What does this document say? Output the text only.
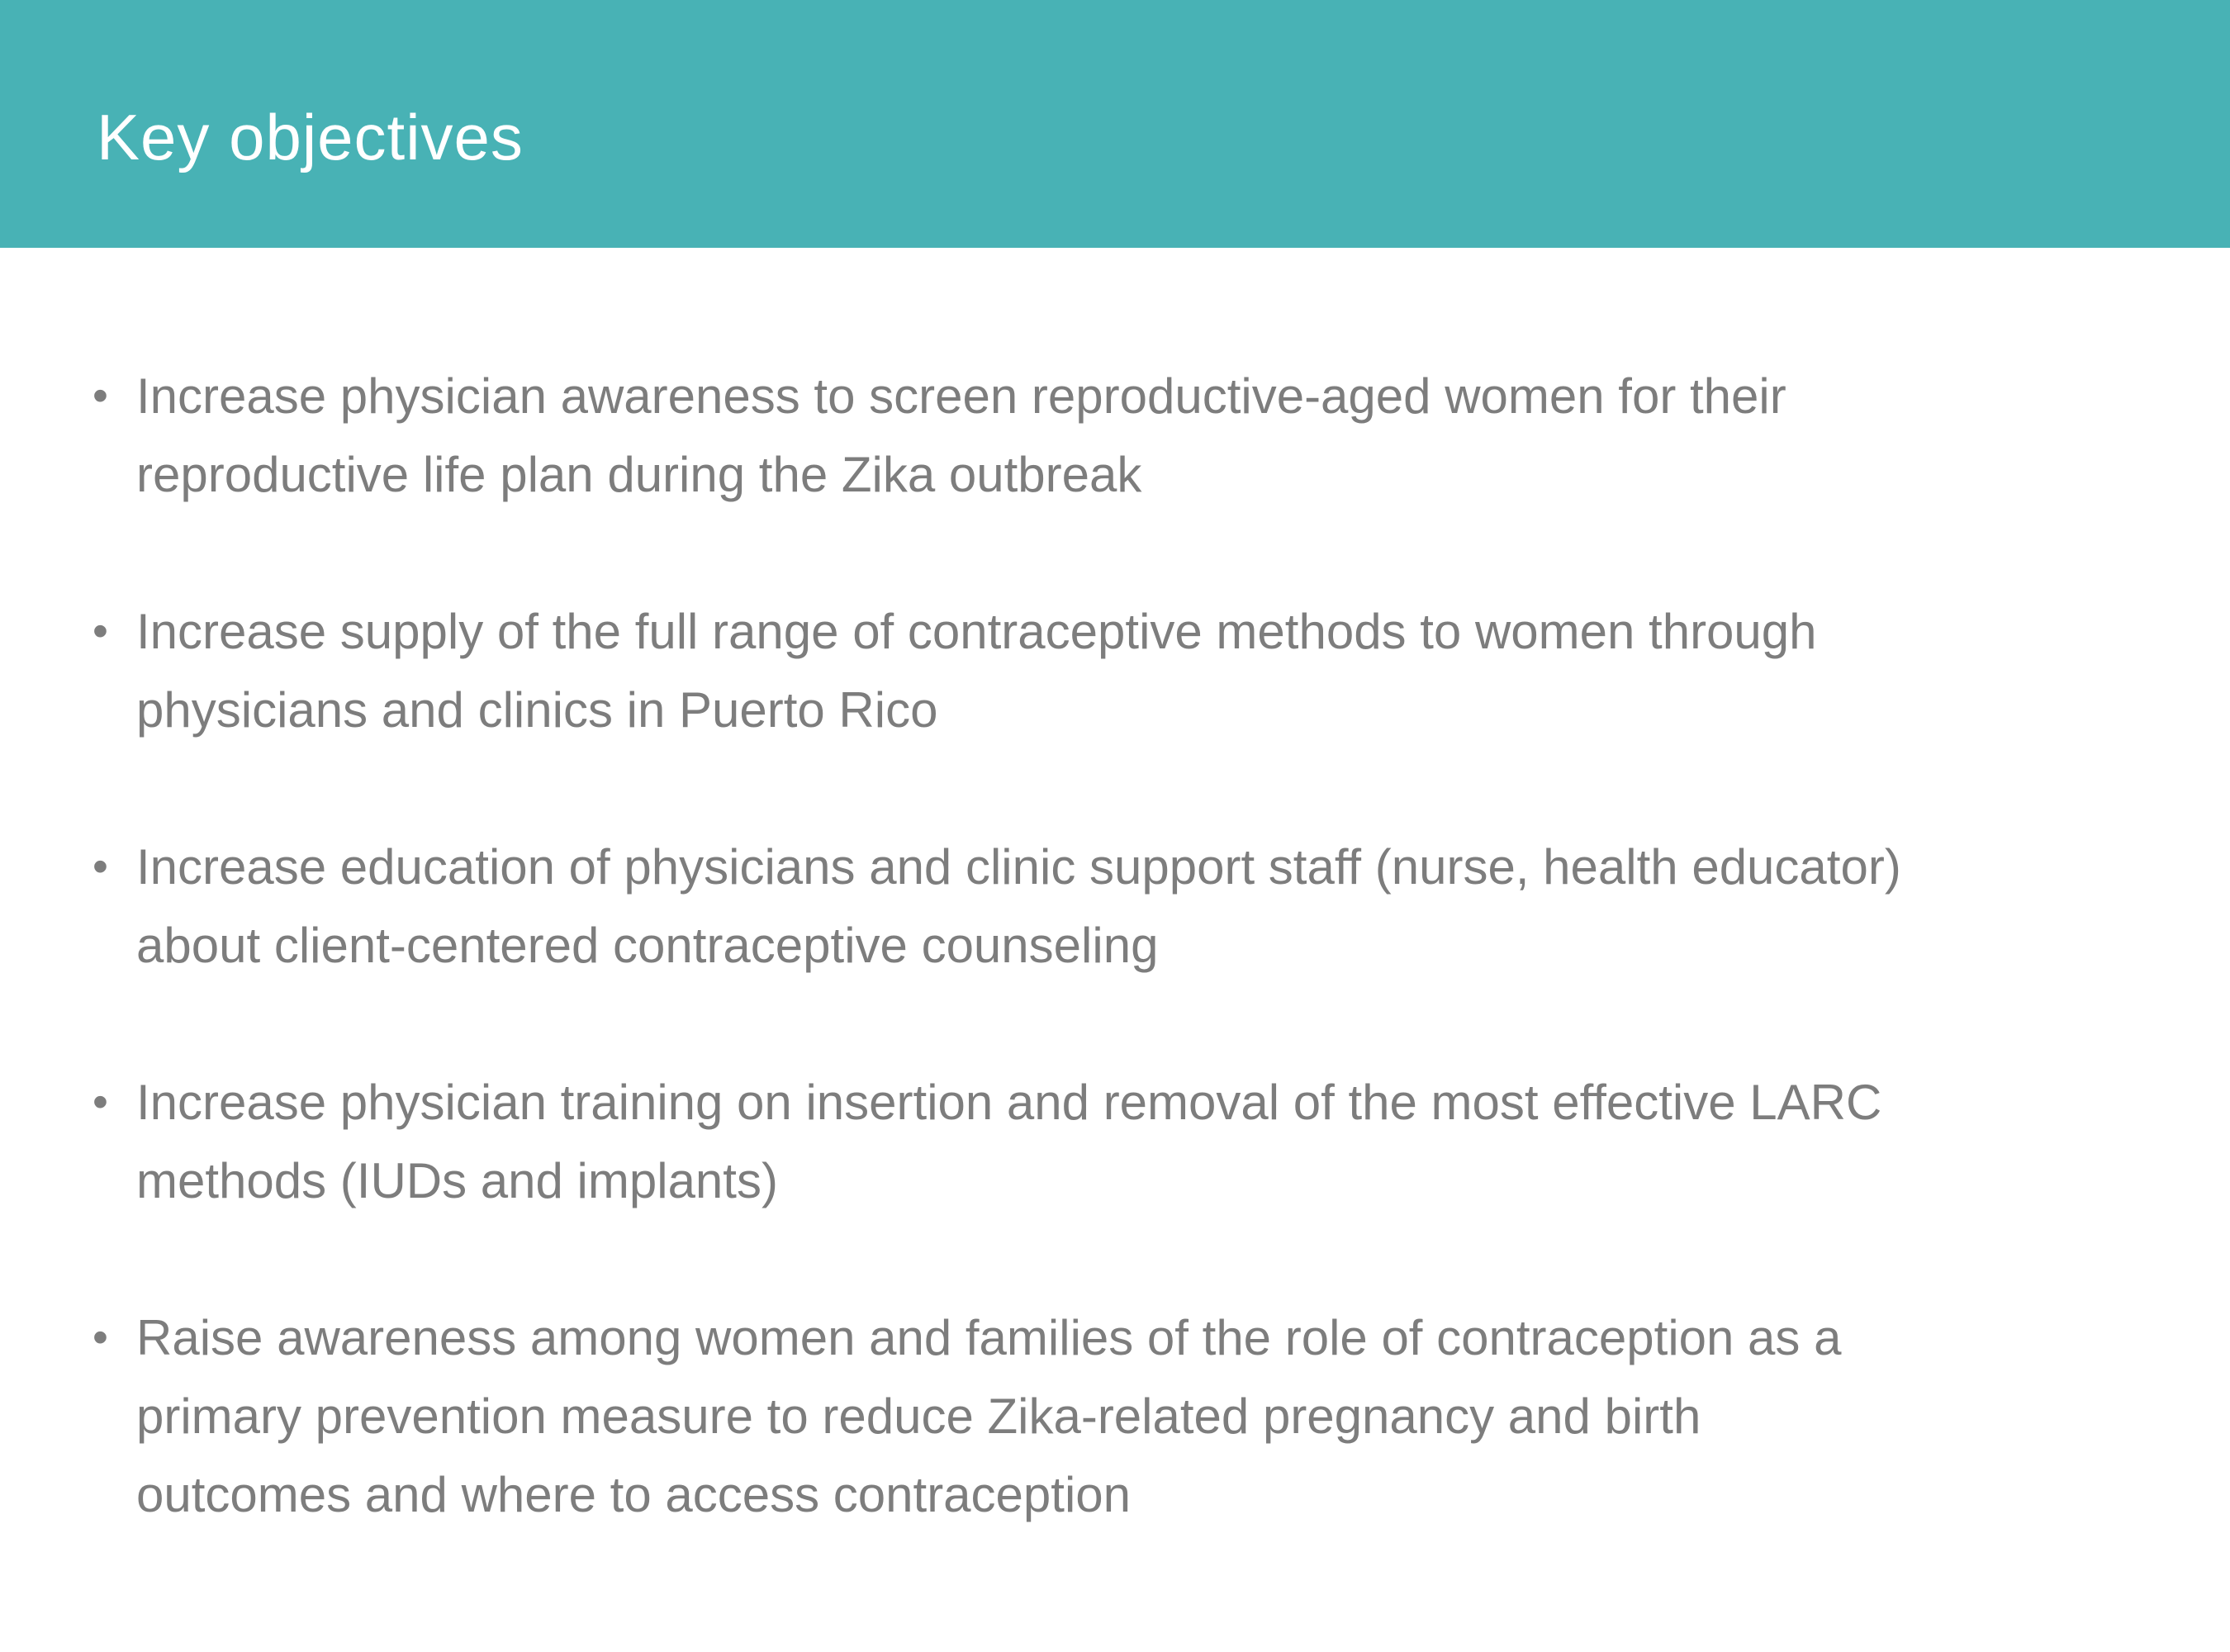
Key objectives
• Increase physician awareness to screen reproductive-aged women for their
reproductive life plan during the Zika outbreak
• Increase supply of the full range of contraceptive methods to women through
physicians and clinics in Puerto Rico
• Increase education of physicians and clinic support staff (nurse, health educator)
about client-centered contraceptive counseling
• Increase physician training on insertion and removal of the most effective LARC
methods (IUDs and implants)
• Raise awareness among women and families of the role of contraception as a
primary prevention measure to reduce Zika-related pregnancy and birth
outcomes and where to access contraception
